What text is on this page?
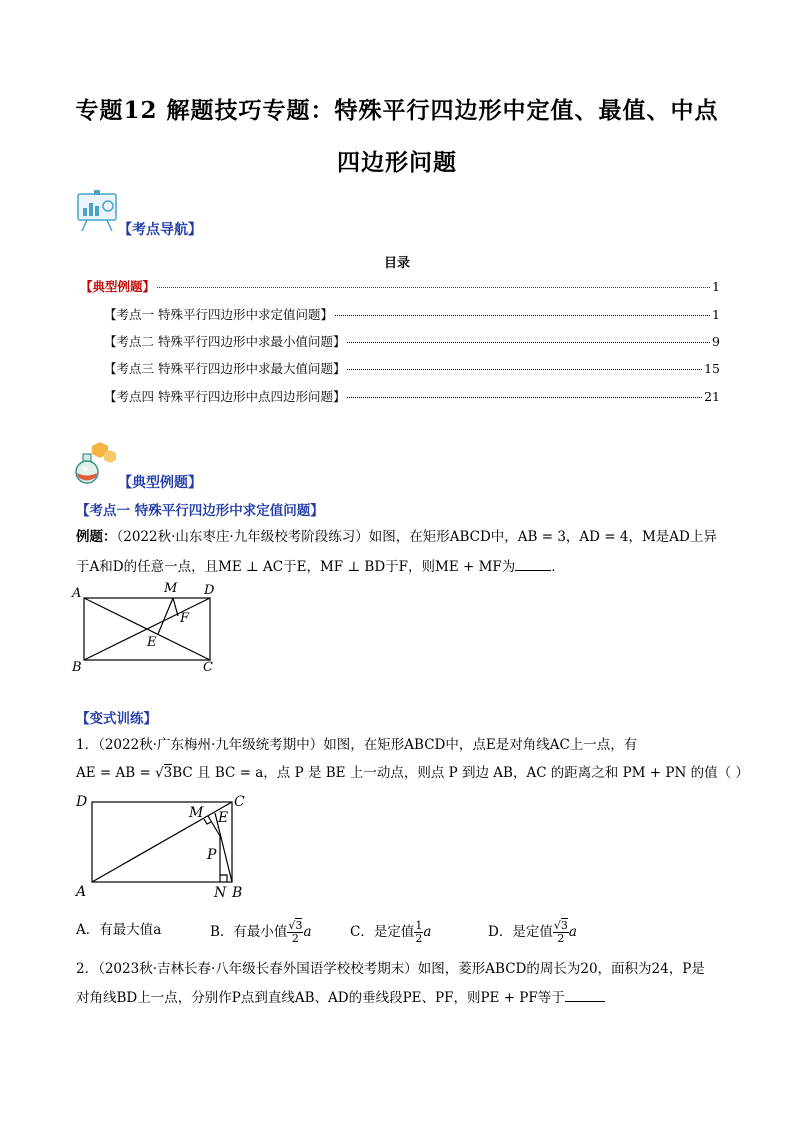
专题12 解题技巧专题：特殊平行四边形中定值、最值、中点
四边形问题
【考点导航】
目录
【典型例题】	1
【考点一 特殊平行四边形中求定值问题】	1
【考点二 特殊平行四边形中求最小值问题】	9
【考点三 特殊平行四边形中求最大值问题】	15
【考点四 特殊平行四边形中点四边形问题】	21
【典型例题】
【考点一 特殊平行四边形中求定值问题】
例题：（2022秋·山东枣庄·九年级校考阶段练习）如图，在矩形ABCD中，AB = 3，AD = 4，M是AD上异
于A和D的任意一点，且ME ⊥ AC于E，MF ⊥ BD于F，则ME + MF为	．
A	D
M
F
E
B	C
【变式训练】
1．（2022秋·广东梅州·九年级统考期中）如图，在矩形ABCD中，点E是对角线AC上一点，有
AE = AB = √3BC 且 BC = a，点 P 是 BE 上一动点，则点 P 到边 AB，AC 的距离之和 PM + PN 的值（ ）
D	C
M E
P
A	N B
A．有最大值a	B．有最小值 $\frac{√3}{2}$ a	C．是定值 $\frac{1}{2}$ a	D．是定值 $\frac{√3}{2}$ a
2．（2023秋·吉林长春·八年级长春外国语学校校考期末）如图，菱形ABCD的周长为20，面积为24，P是
对角线BD上一点，分别作P点到直线AB、AD的垂线段PE、PF，则PE + PF等于
